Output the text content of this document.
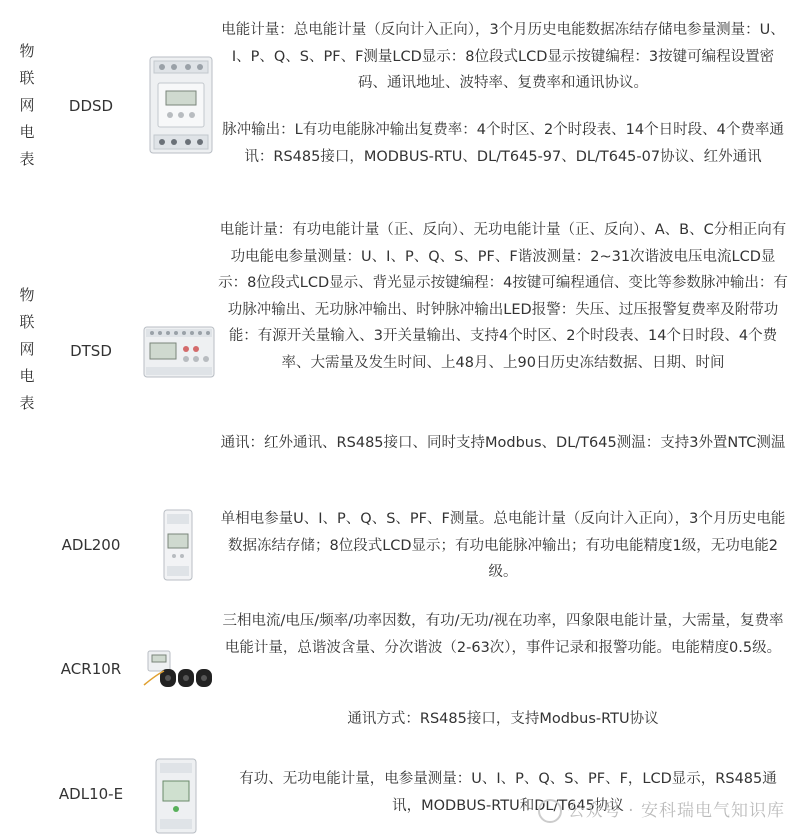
物
联
网
电
表
DDSD
电能计量：总电能计量（反向计入正向），3个月历史电能数据冻结存储电参量测量：U、I、P、Q、S、PF、F测量LCD显示：8位段式LCD显示按键编程：3按键可编程设置密码、通讯地址、波特率、复费率和通讯协议。
脉冲输出：L有功电能脉冲输出复费率：4个时区、2个时段表、14个日时段、4个费率通讯：RS485接口，MODBUS-RTU、DL/T645-97、DL/T645-07协议、红外通讯
物
联
网
电
表
DTSD
电能计量：有功电能计量（正、反向）、无功电能计量（正、反向）、A、B、C分相正向有功电能电参量测量：U、I、P、Q、S、PF、F谐波测量：2~31次谐波电压电流LCD显示：8位段式LCD显示、背光显示按键编程：4按键可编程通信、变比等参数脉冲输出：有功脉冲输出、无功脉冲输出、时钟脉冲输出LED报警：失压、过压报警复费率及附带功能：有源开关量输入、3开关量输出、支持4个时区、2个时段表、14个日时段、4个费率、大需量及发生时间、上48月、上90日历史冻结数据、日期、时间
通讯：红外通讯、RS485接口、同时支持Modbus、DL/T645测温：支持3外置NTC测温
ADL200
单相电参量U、I、P、Q、S、PF、F测量。总电能计量（反向计入正向），3个月历史电能数据冻结存储；8位段式LCD显示；有功电能脉冲输出；有功电能精度1级，无功电能2级。
ACR10R
三相电流/电压/频率/功率因数，有功/无功/视在功率，四象限电能计量，大需量，复费率电能计量，总谐波含量、分次谐波（2-63次），事件记录和报警功能。电能精度0.5级。
通讯方式：RS485接口，支持Modbus-RTU协议
ADL10-E
有功、无功电能计量，电参量测量：U、I、P、Q、S、PF、F，LCD显示，RS485通讯，MODBUS-RTU和DL/T645协议
公众号 · 安科瑞电气知识库
